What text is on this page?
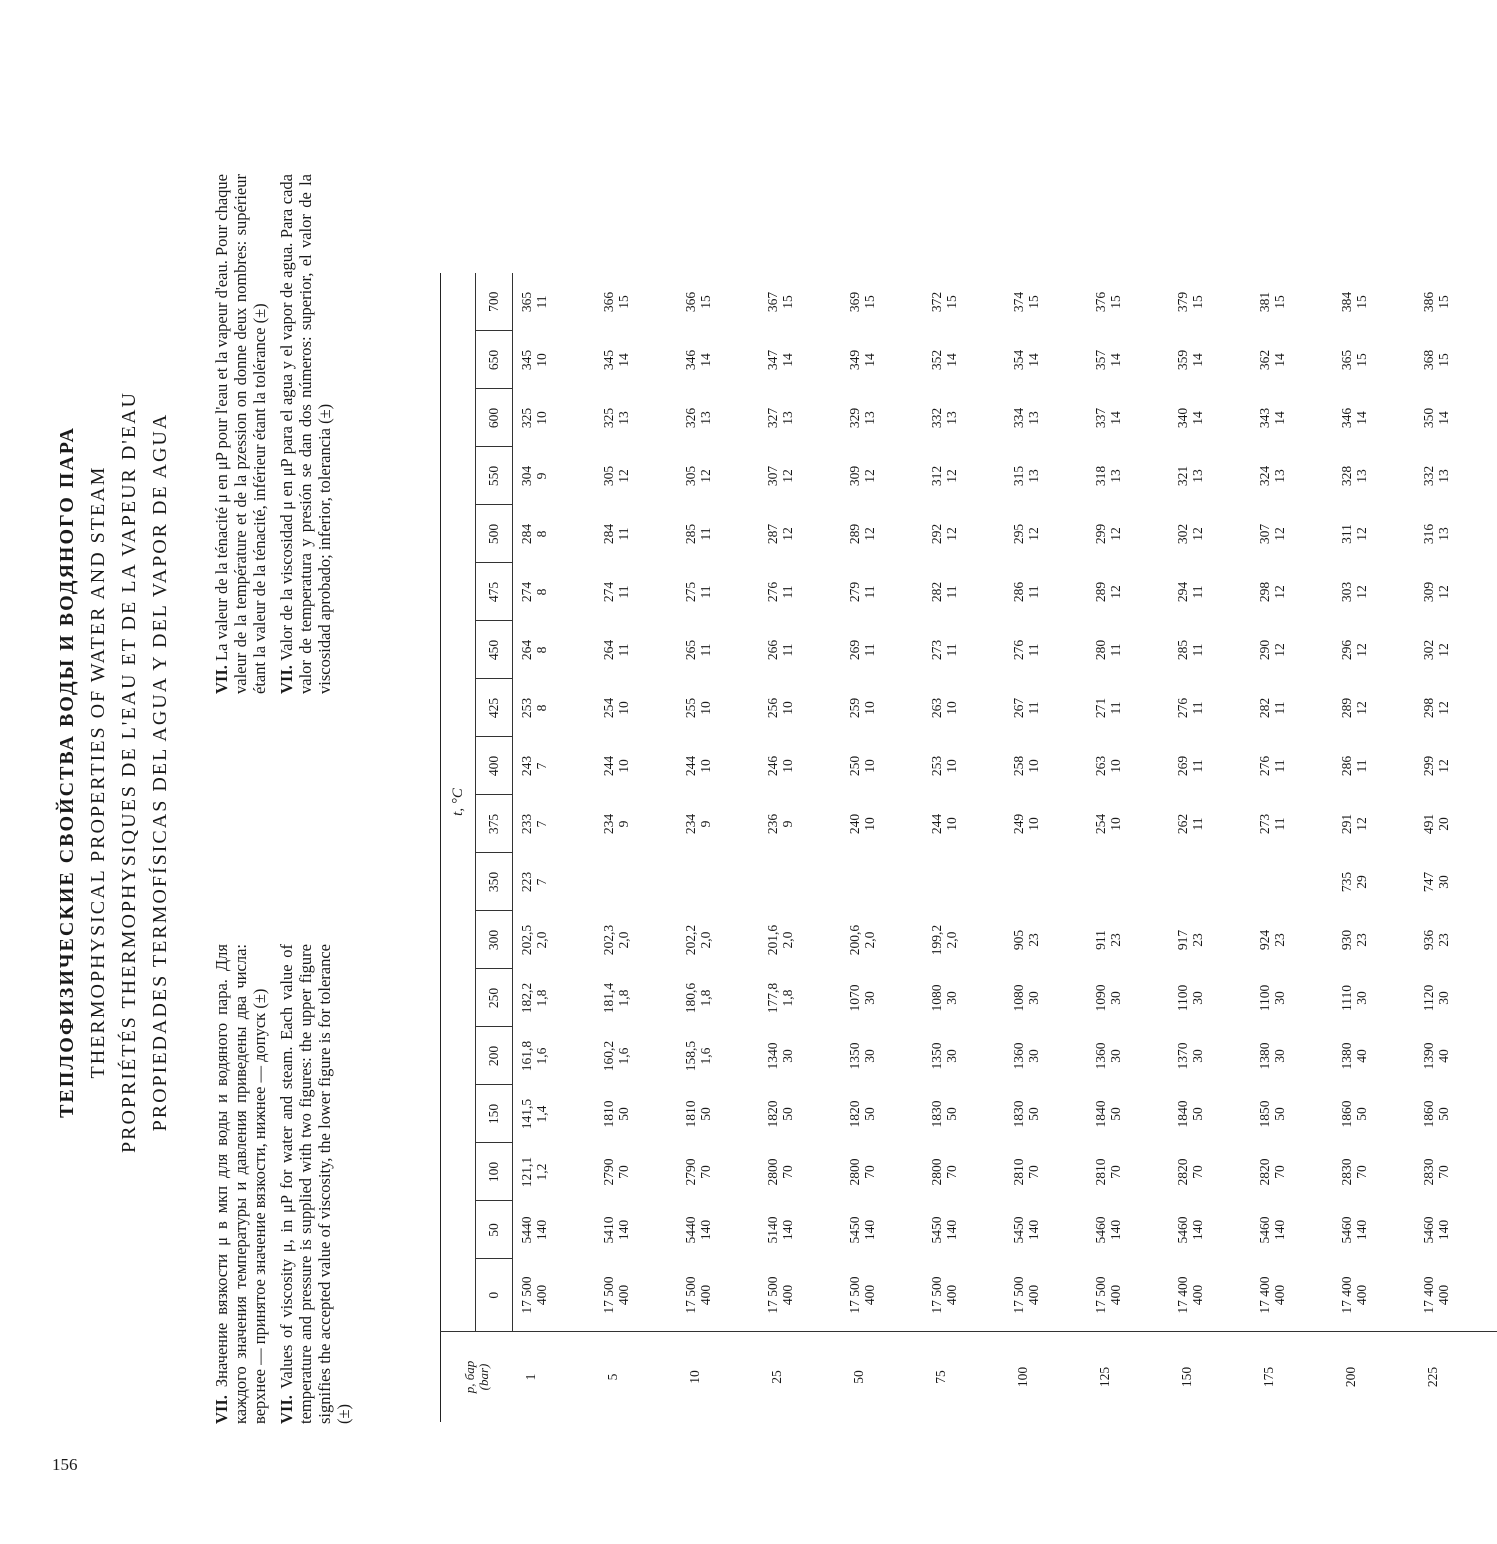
156
ТЕПЛОФИЗИЧЕСКИЕ СВОЙСТВА ВОДЫ И ВОДЯНОГО ПАРА THERMOPHYSICAL PROPERTIES OF WATER AND STEAM PROPRIÉTÉS THERMOPHYSIQUES DE L'EAU ET DE LA VAPEUR D'EAU PROPIEDADES TERMOFÍSICAS DEL AGUA Y DEL VAPOR DE AGUA

VII. Значение вязкости μ в мкп для воды и водяного пара. Для каждого значения температуры и давления приведены два числа: верхнее — принятое значение вязкости, нижнее — допуск (±) VII. Values of viscosity μ, in μP for water and steam. Each value of temperature and pressure is supplied with two figures: the upper figure signifies the accepted value of viscosity, the lower figure is for tolerance (±)

VII. La valeur de la ténacité μ en μP pour l'eau et la vapeur d'eau. Pour chaque valeur de la température et de la pzession on donne deux nombres: supérieur étant la valeur de la ténacité, inférieur étant la tolérance (±) VII. Valor de la viscosidad μ en μP para el agua y el vapor de agua. Para cada valor de temperatura y presión se dan dos números: superior, el valor de la viscosidad aprobado; inferior, tolerancia (±)

p, бар (bar)	t, °C																	
	0	50	100	150	200	250	300	350	375	400	425	450	475	500	550	600	650	700
1	17 500 400	5440 140	121,1 1,2	141,5 1,4	161,8 1,6	182,2 1,8	202,5 2,0	223 7	233 7	243 7	253 8	264 8	274 8	284 8	304 9	325 10	345 10	365 11

5	17 500 400	5410 140	2790 70	1810 50	160,2 1,6	181,4 1,8	202,3 2,0		234 9	244 10	254 10	264 11	274 11	284 11	305 12	325 13	345 14	366 15

10	17 500 400	5440 140	2790 70	1810 50	158,5 1,6	180,6 1,8	202,2 2,0		234 9	244 10	255 10	265 11	275 11	285 11	305 12	326 13	346 14	366 15

25	17 500 400	5140 140	2800 70	1820 50	1340 30	177,8 1,8	201,6 2,0		236 9	246 10	256 10	266 11	276 11	287 12	307 12	327 13	347 14	367 15

50	17 500 400	5450 140	2800 70	1820 50	1350 30	1070 30	200,6 2,0		240 10	250 10	259 10	269 11	279 11	289 12	309 12	329 13	349 14	369 15

75	17 500 400	5450 140	2800 70	1830 50	1350 30	1080 30	199,2 2,0		244 10	253 10	263 10	273 11	282 11	292 12	312 12	332 13	352 14	372 15

100	17 500 400	5450 140	2810 70	1830 50	1360 30	1080 30	905 23		249 10	258 10	267 11	276 11	286 11	295 12	315 13	334 13	354 14	374 15

125	17 500 400	5460 140	2810 70	1840 50	1360 30	1090 30	911 23		254 10	263 10	271 11	280 11	289 12	299 12	318 13	337 14	357 14	376 15

150	17 400 400	5460 140	2820 70	1840 50	1370 30	1100 30	917 23		262 11	269 11	276 11	285 11	294 11	302 12	321 13	340 14	359 14	379 15

175	17 400 400	5460 140	2820 70	1850 50	1380 30	1100 30	924 23		273 11	276 11	282 11	290 12	298 12	307 12	324 13	343 14	362 14	381 15

200	17 400 400	5460 140	2830 70	1860 50	1380 40	1110 30	930 23	735 29	291 12	286 11	289 12	296 12	303 12	311 12	328 13	346 14	365 15	384 15

225	17 400 400	5460 140	2830 70	1860 50	1390 40	1120 30	936 23	747 30	491 20	299 12	298 12	302 12	309 12	316 13	332 13	350 14	368 15	386 15
